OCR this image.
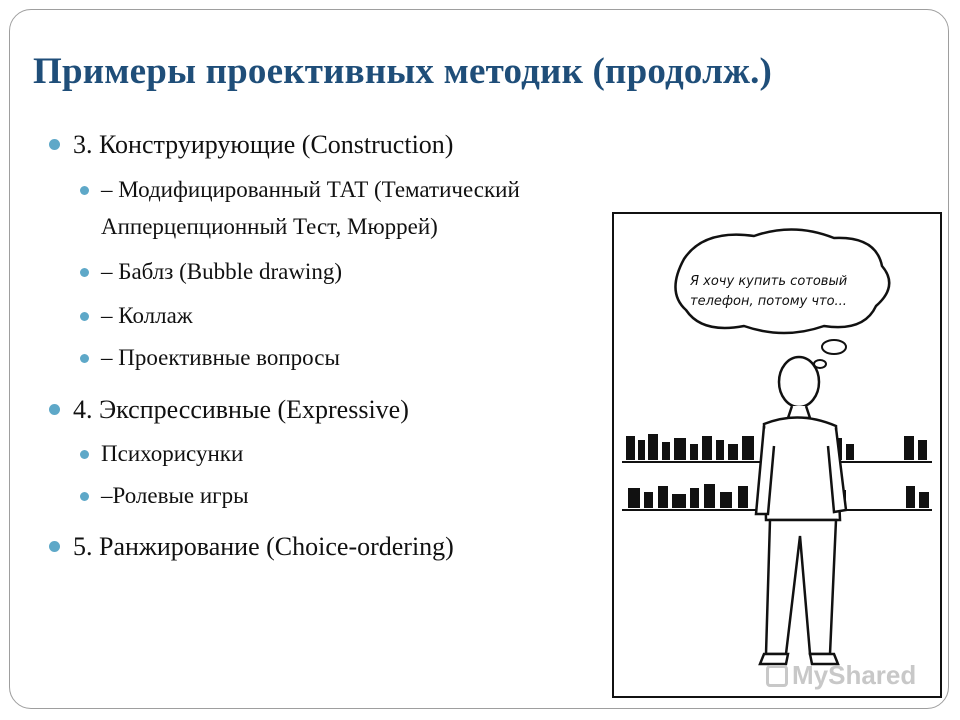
Примеры проективных методик (продолж.)
3. Конструирующие (Construction)
– Модифицированный ТАТ (Тематический
Апперцепционный Тест, Мюррей)
– Баблз (Bubble drawing)
– Коллаж
– Проективные вопросы
4. Экспрессивные (Expressive)
Психорисунки
–Ролевые игры
5. Ранжирование (Choice-ordering)
Я хочу купить сотовый
телефон, потому что...
MyShared
